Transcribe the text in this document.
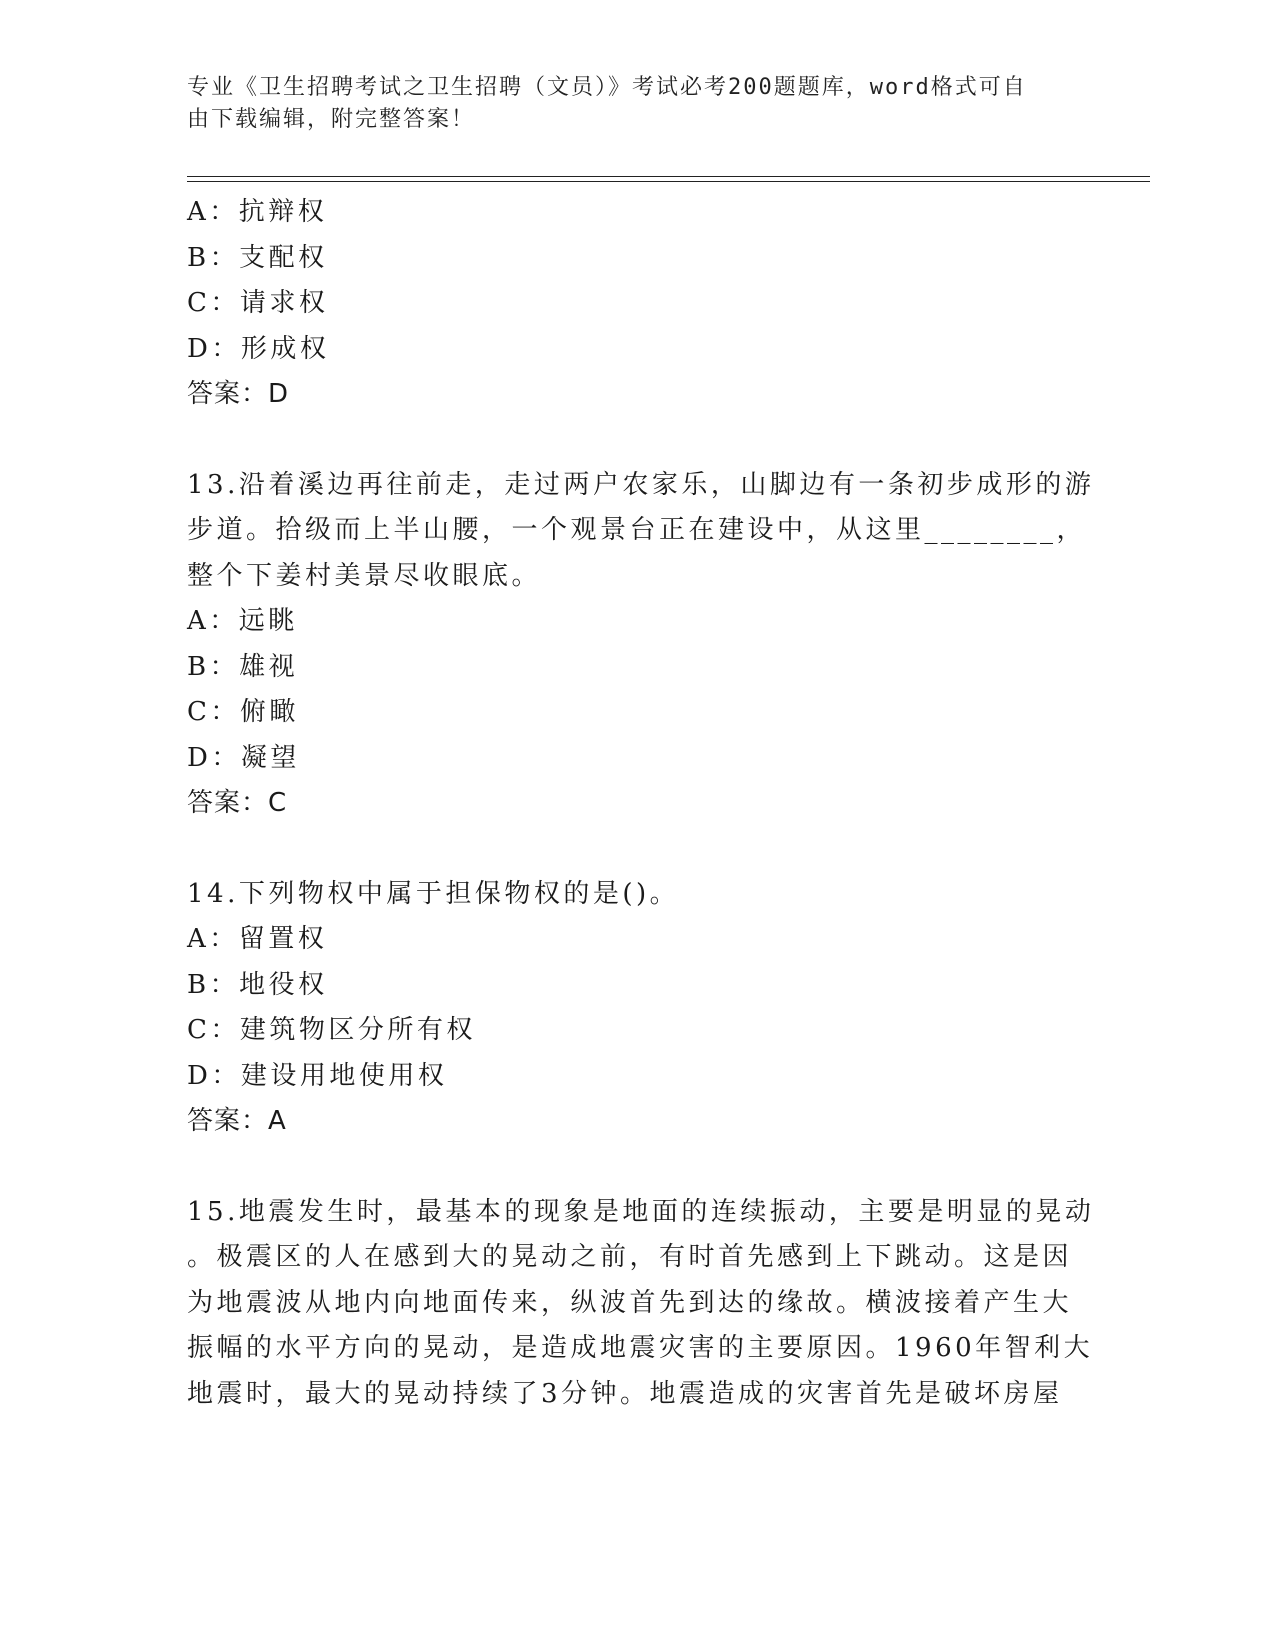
专业《卫生招聘考试之卫生招聘（文员）》考试必考200题题库，word格式可自
由下载编辑，附完整答案！
A：抗辩权
B：支配权
C：请求权
D：形成权
答案：D
13.沿着溪边再往前走，走过两户农家乐，山脚边有一条初步成形的游
步道。拾级而上半山腰，一个观景台正在建设中，从这里________，
整个下姜村美景尽收眼底。
A：远眺
B：雄视
C：俯瞰
D：凝望
答案：C
14.下列物权中属于担保物权的是()。
A：留置权
B：地役权
C：建筑物区分所有权
D：建设用地使用权
答案：A
15.地震发生时，最基本的现象是地面的连续振动，主要是明显的晃动
。极震区的人在感到大的晃动之前，有时首先感到上下跳动。这是因
为地震波从地内向地面传来，纵波首先到达的缘故。横波接着产生大
振幅的水平方向的晃动，是造成地震灾害的主要原因。1960年智利大
地震时，最大的晃动持续了3分钟。地震造成的灾害首先是破坏房屋
